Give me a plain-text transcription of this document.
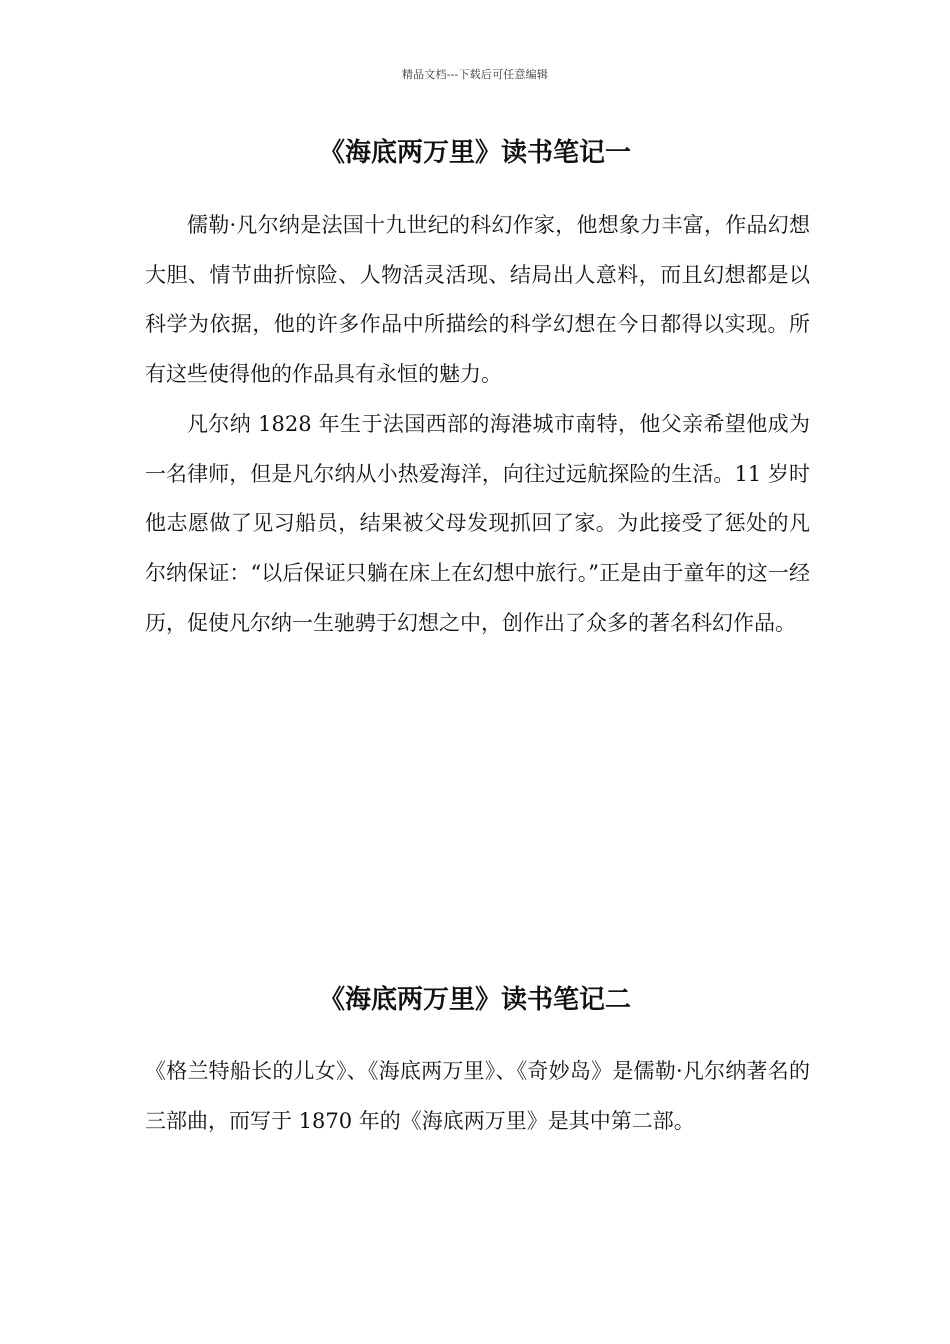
精品文档---下载后可任意编辑
《海底两万里》读书笔记一

儒勒·凡尔纳是法国十九世纪的科幻作家，他想象力丰富，作品幻想大胆、情节曲折惊险、人物活灵活现、结局出人意料，而且幻想都是以科学为依据，他的许多作品中所描绘的科学幻想在今日都得以实现。所有这些使得他的作品具有永恒的魅力。

凡尔纳 1828 年生于法国西部的海港城市南特，他父亲希望他成为一名律师，但是凡尔纳从小热爱海洋，向往过远航探险的生活。11 岁时他志愿做了见习船员，结果被父母发现抓回了家。为此接受了惩处的凡尔纳保证：“以后保证只躺在床上在幻想中旅行。”正是由于童年的这一经历，促使凡尔纳一生驰骋于幻想之中，创作出了众多的著名科幻作品。

《海底两万里》读书笔记二

《格兰特船长的儿女》、《海底两万里》、《奇妙岛》是儒勒·凡尔纳著名的三部曲，而写于 1870 年的《海底两万里》是其中第二部。
